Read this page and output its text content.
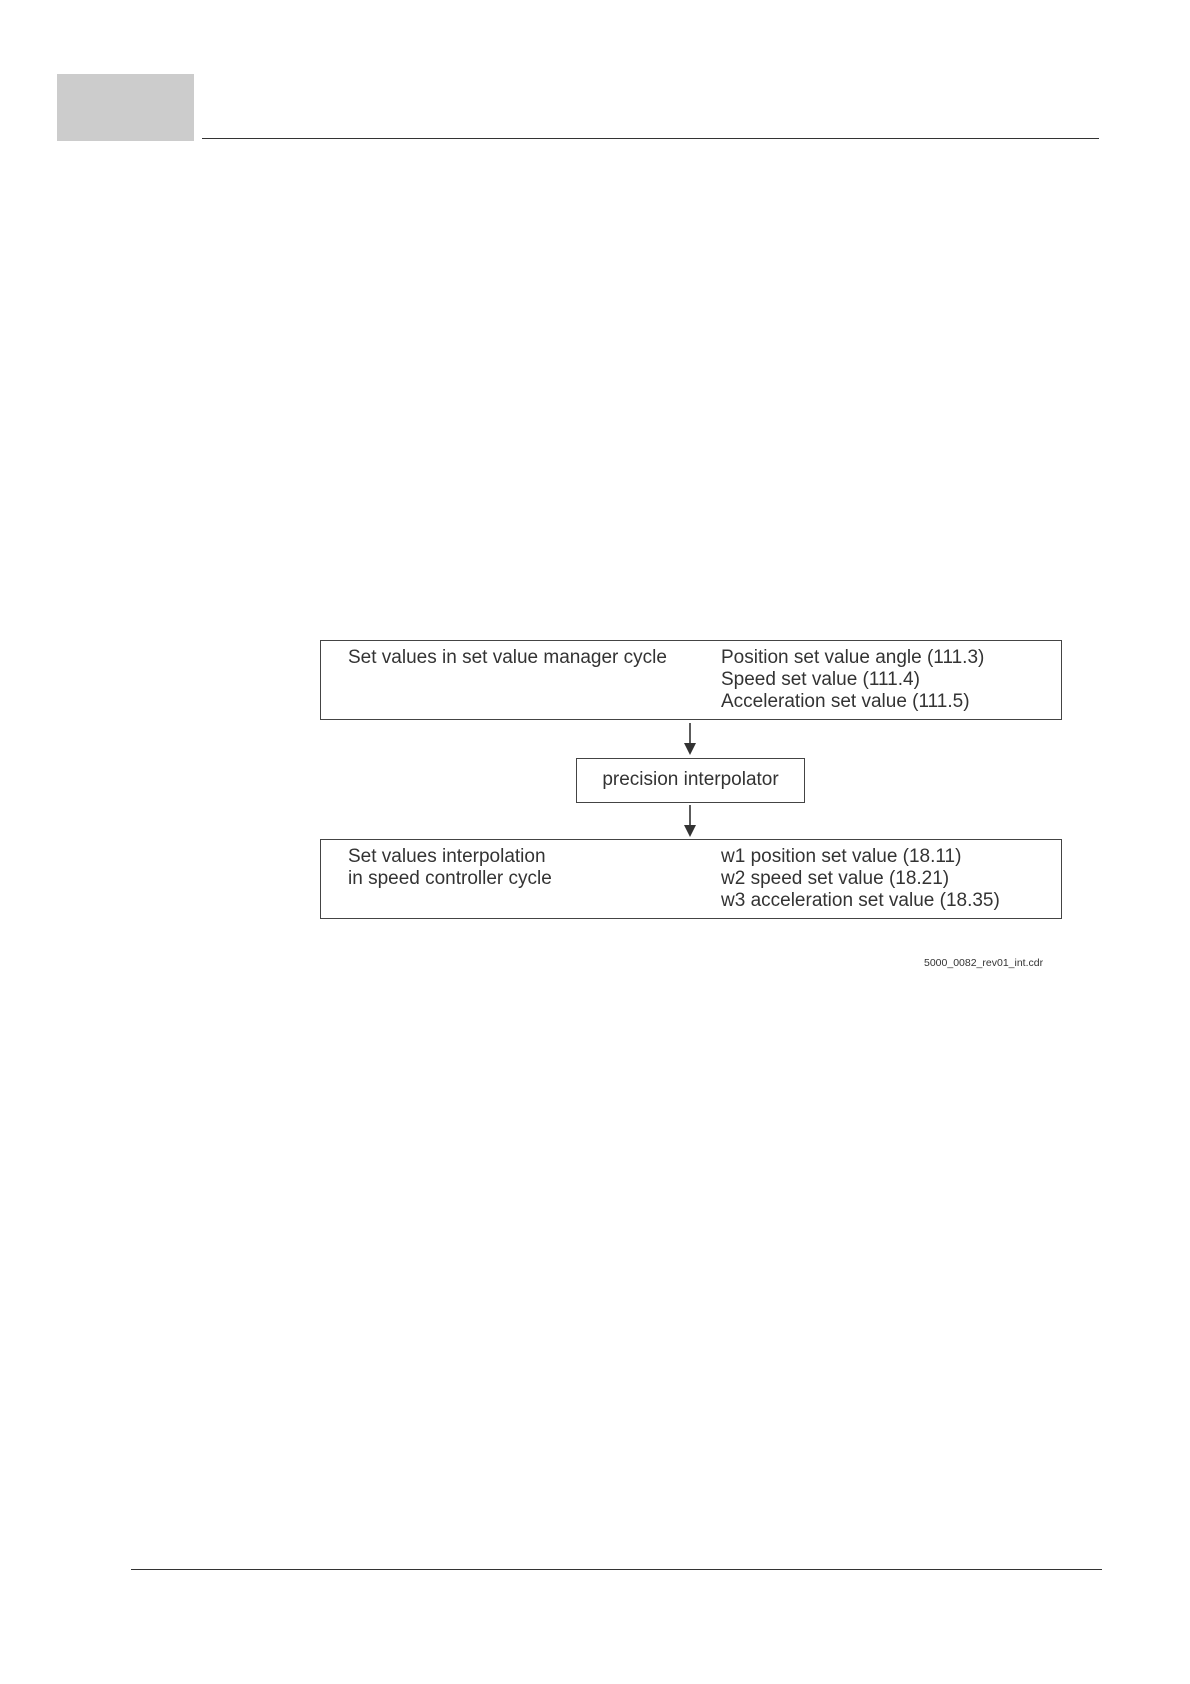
Set values in set value manager cycle	Position set value angle (111.3)
Speed set value (111.4)
Acceleration set value (111.5)
precision interpolator
Set values interpolation
in speed controller cycle
w1 position set value (18.11)
w2 speed set value (18.21)
w3 acceleration set value (18.35)
5000_0082_rev01_int.cdr
